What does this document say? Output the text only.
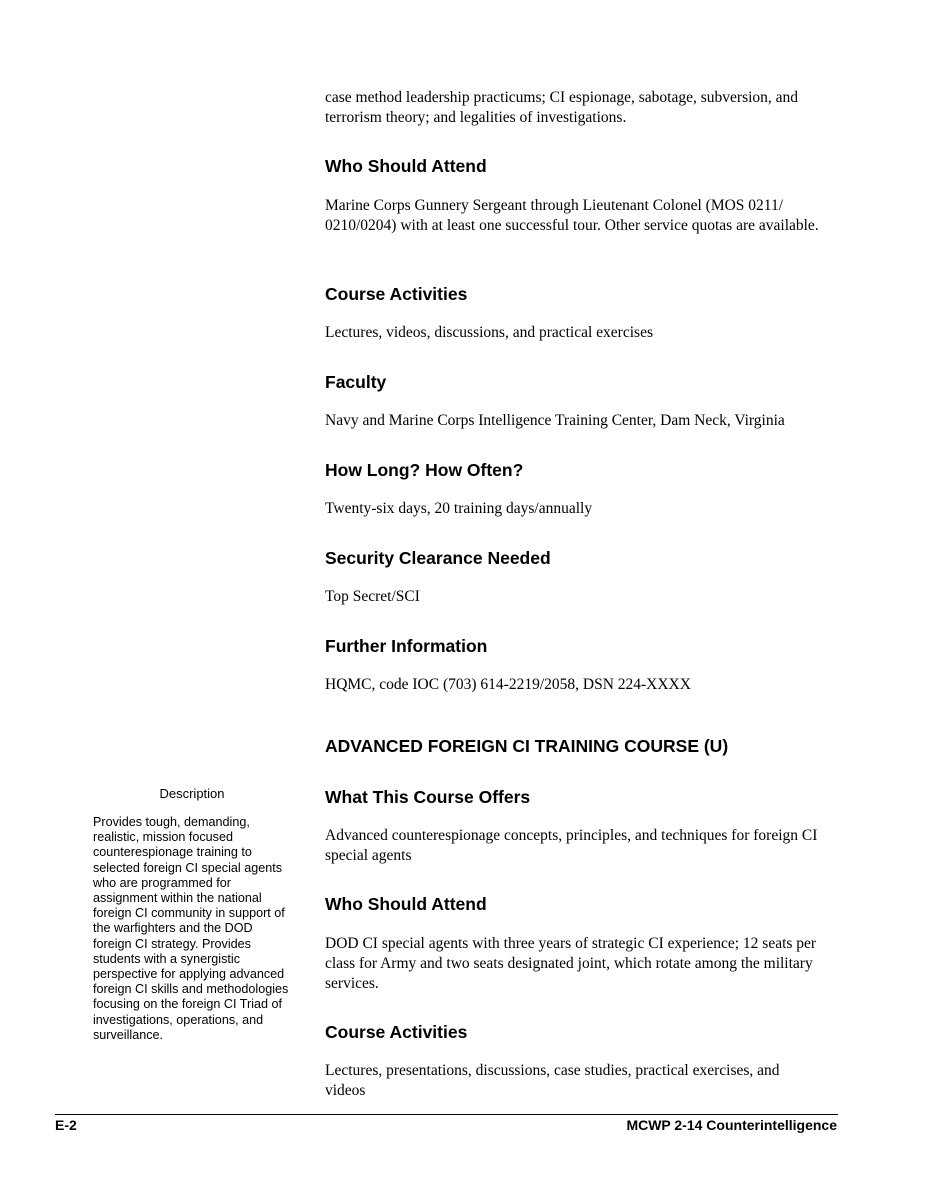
case method leadership practicums; CI espionage, sabotage, subversion, and terrorism theory; and legalities of investigations.

Who Should Attend

Marine Corps Gunnery Sergeant through Lieutenant Colonel (MOS 0211/ 0210/0204) with at least one successful tour. Other service quotas are available.

Course Activities

Lectures, videos, discussions, and practical exercises

Faculty

Navy and Marine Corps Intelligence Training Center, Dam Neck, Virginia

How Long? How Often?

Twenty-six days, 20 training days/annually

Security Clearance Needed

Top Secret/SCI

Further Information

HQMC, code IOC (703) 614-2219/2058, DSN 224-XXXX

ADVANCED FOREIGN CI TRAINING COURSE (U)
Description

Provides tough, demanding, realistic, mission focused counterespionage training to selected foreign CI special agents who are programmed for assignment within the national foreign CI community in support of the warfighters and the DOD foreign CI strategy. Provides students with a synergistic perspective for applying advanced foreign CI skills and methodologies focusing on the foreign CI Triad of investigations, operations, and surveillance.

What This Course Offers

Advanced counterespionage concepts, principles, and techniques for foreign CI special agents

Who Should Attend

DOD CI special agents with three years of strategic CI experience; 12 seats per class for Army and two seats designated joint, which rotate among the military services.

Course Activities

Lectures, presentations, discussions, case studies, practical exercises, and videos

E-2	MCWP 2-14 Counterintelligence
